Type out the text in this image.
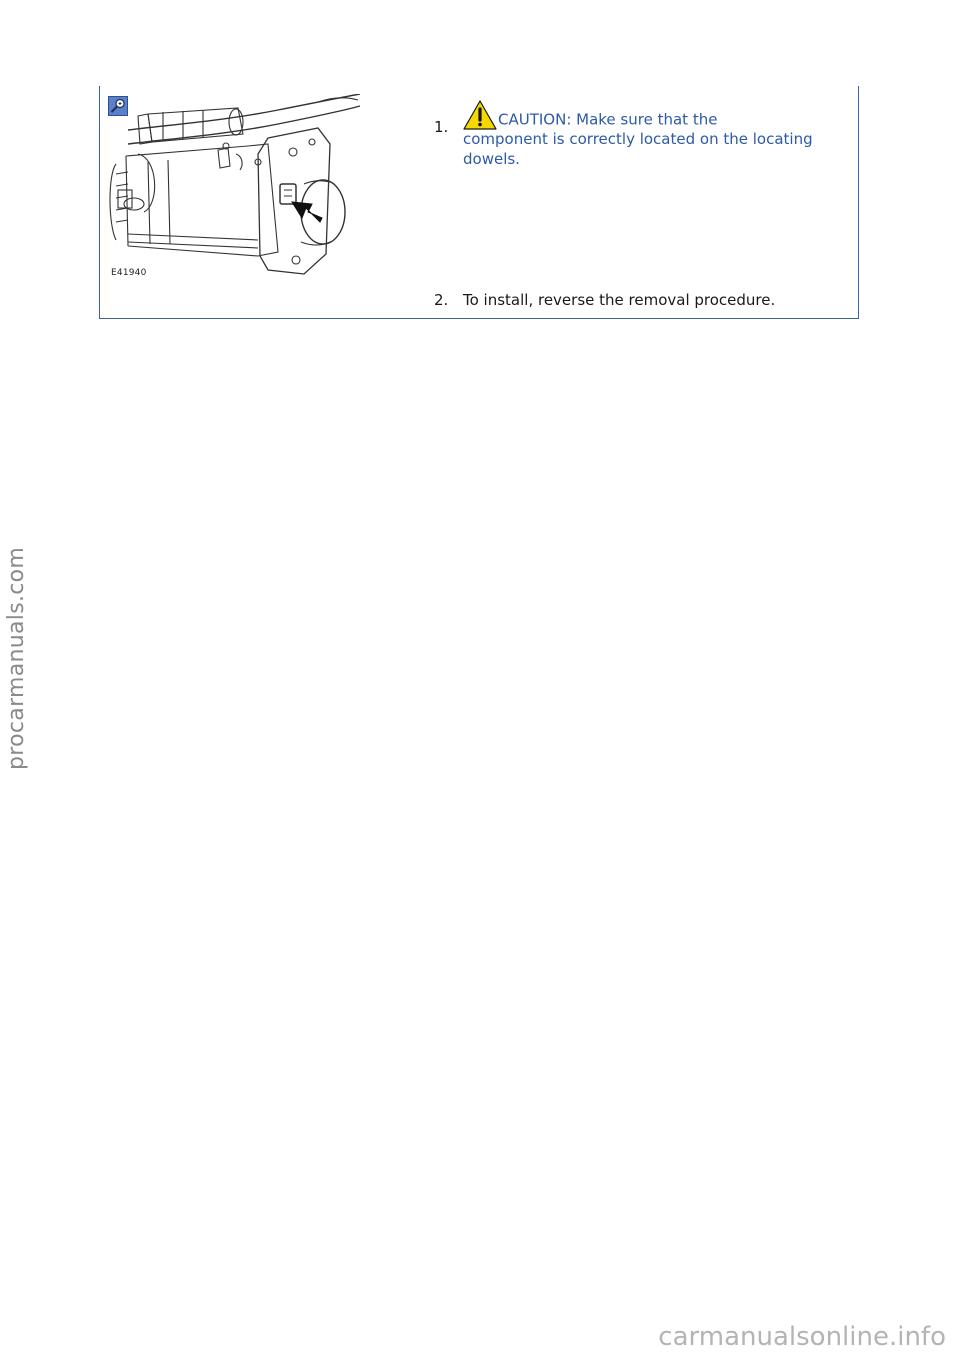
E41940
1.	CAUTION: Make sure that the
component is correctly located on the locating dowels.
2. To install, reverse the removal procedure.
procarmanuals.com
carmanualsonline.info
